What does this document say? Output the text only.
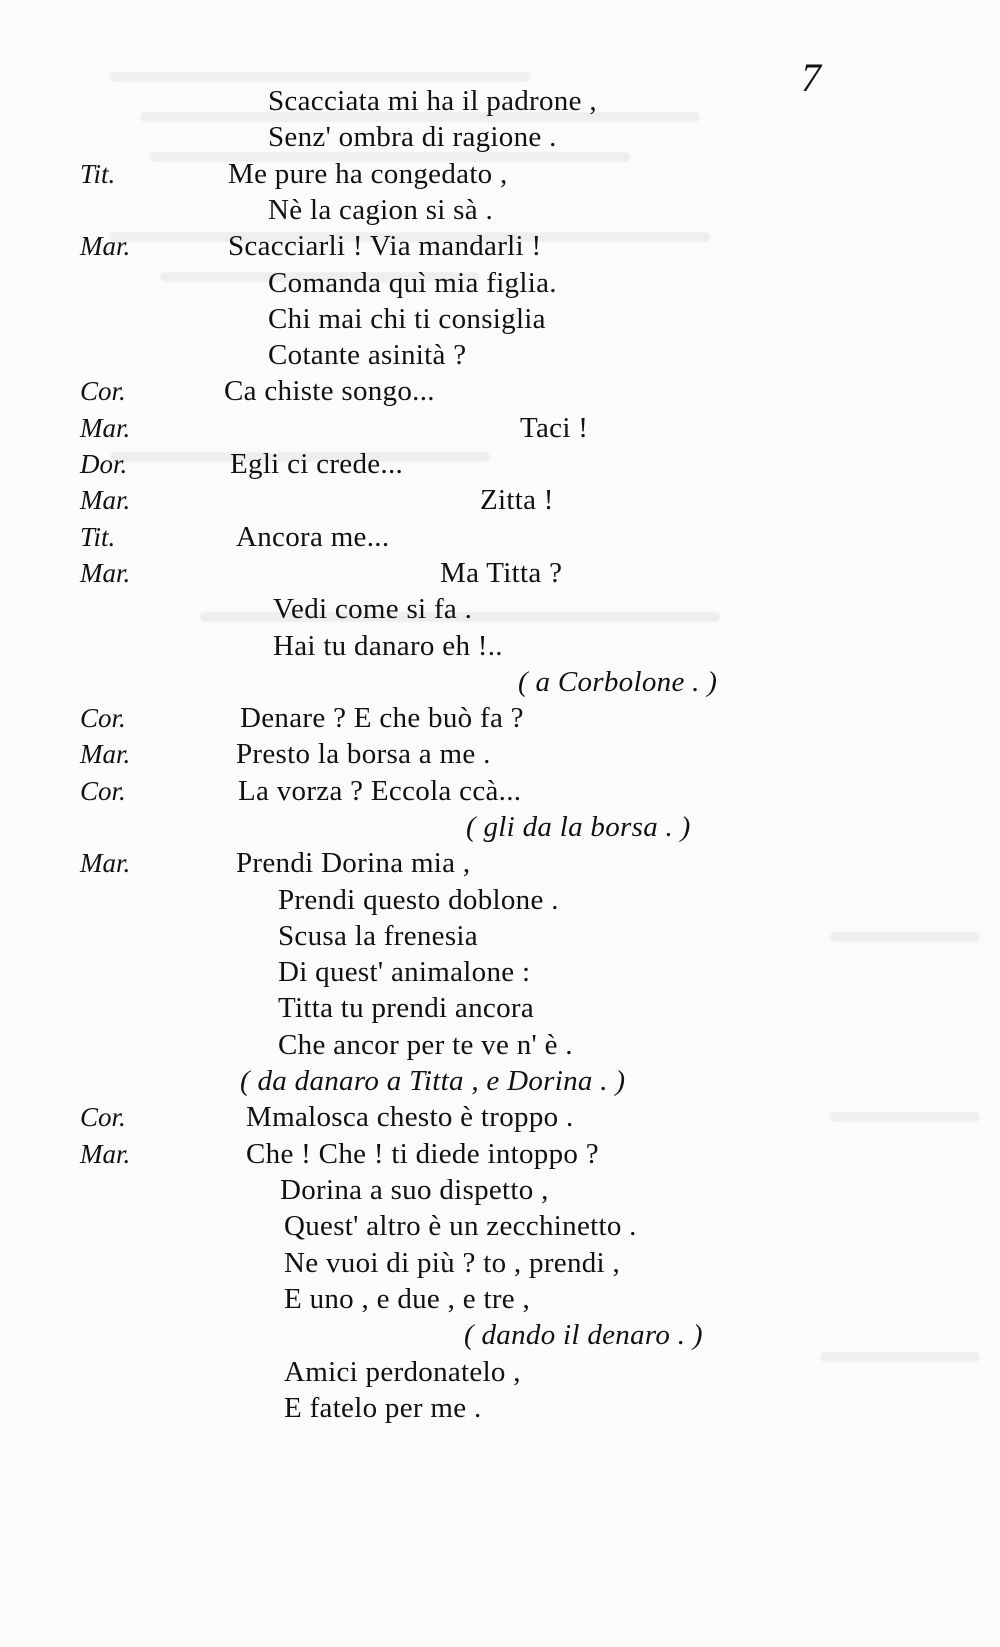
7
Scacciata mi ha il padrone ,
Senz' ombra di ragione .
Tit.	Me pure ha congedato ,
Nè la cagion si sà .
Mar.	Scacciarli ! Via mandarli !
Comanda quì mia figlia.
Chi mai chi ti consiglia
Cotante asinità ?
Cor.	Ca chiste songo...
Mar.	Taci !
Dor.	Egli ci crede...
Mar.	Zitta !
Tit.	Ancora me...
Mar.	Ma Titta ?
Vedi come si fa .
Hai tu danaro eh !..
( a Corbolone . )
Cor.	Denare ? E che buò fa ?
Mar.	Presto la borsa a me .
Cor.	La vorza ? Eccola ccà...
( gli da la borsa . )
Mar.	Prendi Dorina mia ,
Prendi questo doblone .
Scusa la frenesia
Di quest' animalone :
Titta tu prendi ancora
Che ancor per te ve n' è .
( da danaro a Titta , e Dorina . )
Cor.	Mmalosca chesto è troppo .
Mar.	Che ! Che ! ti diede intoppo ?
Dorina a suo dispetto ,
Quest' altro è un zecchinetto .
Ne vuoi di più ? to , prendi ,
E uno , e due , e tre ,
( dando il denaro . )
Amici perdonatelo ,
E fatelo per me .
